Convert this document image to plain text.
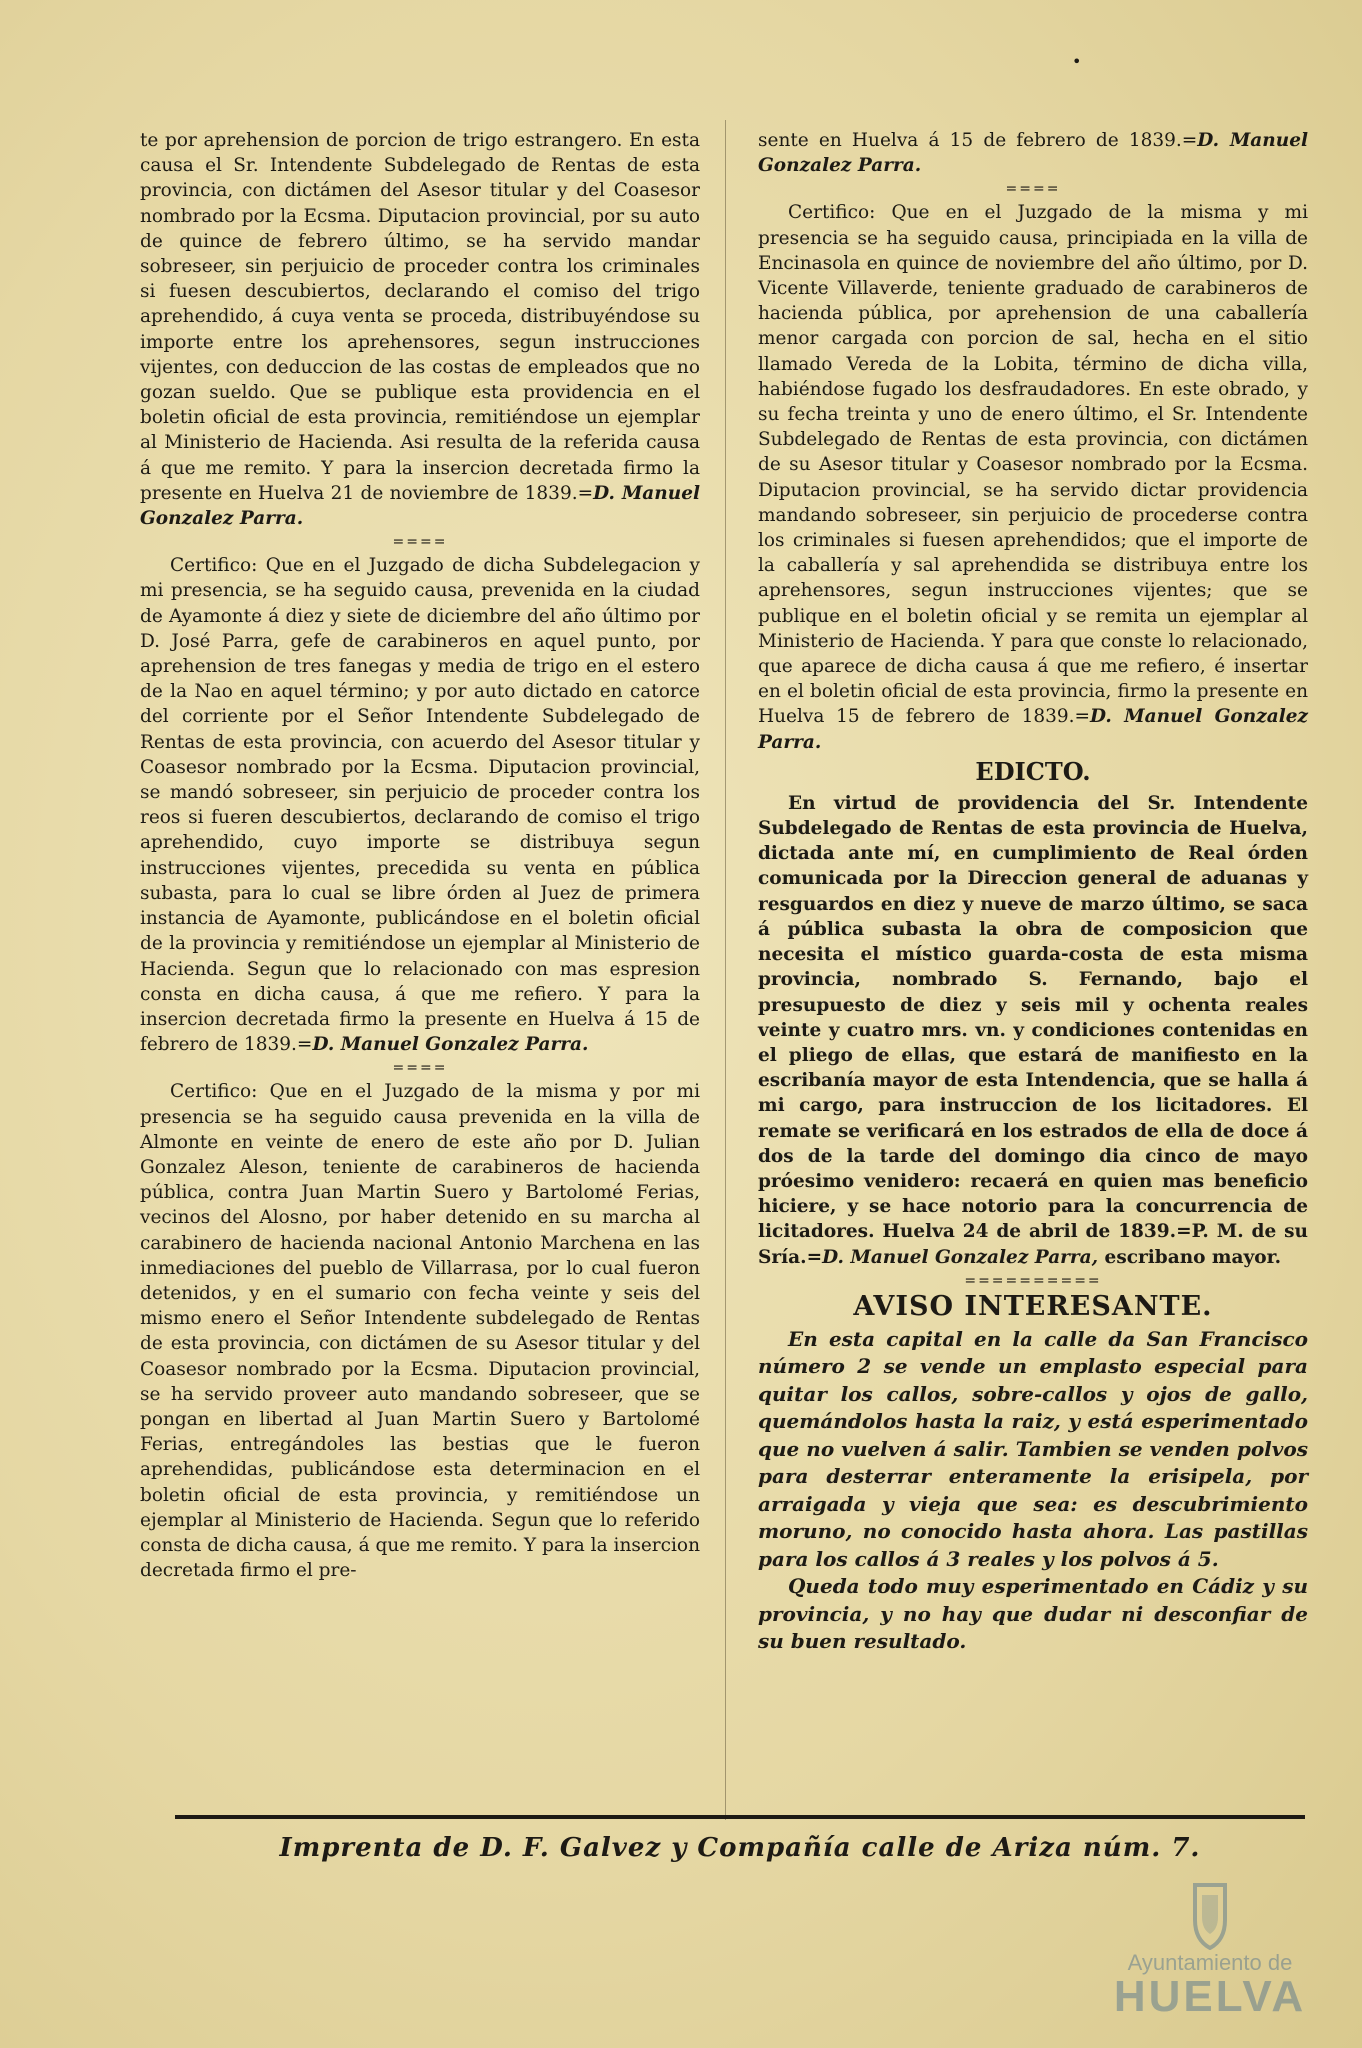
•

te por aprehension de porcion de trigo estrangero. En esta causa el Sr. Intendente Subdelegado de Rentas de esta provincia, con dictámen del Asesor titular y del Coasesor nombrado por la Ecsma. Diputacion provincial, por su auto de quince de febrero último, se ha servido mandar sobreseer, sin perjuicio de proceder contra los criminales si fuesen descubiertos, declarando el comiso del trigo aprehendido, á cuya venta se proceda, distribuyéndose su importe entre los aprehensores, segun instrucciones vijentes, con deduccion de las costas de empleados que no gozan sueldo. Que se publique esta providencia en el boletin oficial de esta provincia, remitiéndose un ejemplar al Ministerio de Hacienda. Asi resulta de la referida causa á que me remito. Y para la insercion decretada firmo la presente en Huelva 21 de noviembre de 1839.=D. Manuel Gonzalez Parra.

====

Certifico: Que en el Juzgado de dicha Subdelegacion y mi presencia, se ha seguido causa, prevenida en la ciudad de Ayamonte á diez y siete de diciembre del año último por D. José Parra, gefe de carabineros en aquel punto, por aprehension de tres fanegas y media de trigo en el estero de la Nao en aquel término; y por auto dictado en catorce del corriente por el Señor Intendente Subdelegado de Rentas de esta provincia, con acuerdo del Asesor titular y Coasesor nombrado por la Ecsma. Diputacion provincial, se mandó sobreseer, sin perjuicio de proceder contra los reos si fueren descubiertos, declarando de comiso el trigo aprehendido, cuyo importe se distribuya segun instrucciones vijentes, precedida su venta en pública subasta, para lo cual se libre órden al Juez de primera instancia de Ayamonte, publicándose en el boletin oficial de la provincia y remitiéndose un ejemplar al Ministerio de Hacienda. Segun que lo relacionado con mas espresion consta en dicha causa, á que me refiero. Y para la insercion decretada firmo la presente en Huelva á 15 de febrero de 1839.=D. Manuel Gonzalez Parra.

====

Certifico: Que en el Juzgado de la misma y por mi presencia se ha seguido causa prevenida en la villa de Almonte en veinte de enero de este año por D. Julian Gonzalez Aleson, teniente de carabineros de hacienda pública, contra Juan Martin Suero y Bartolomé Ferias, vecinos del Alosno, por haber detenido en su marcha al carabinero de hacienda nacional Antonio Marchena en las inmediaciones del pueblo de Villarrasa, por lo cual fueron detenidos, y en el sumario con fecha veinte y seis del mismo enero el Señor Intendente subdelegado de Rentas de esta provincia, con dictámen de su Asesor titular y del Coasesor nombrado por la Ecsma. Diputacion provincial, se ha servido proveer auto mandando sobreseer, que se pongan en libertad al Juan Martin Suero y Bartolomé Ferias, entregándoles las bestias que le fueron aprehendidas, publicándose esta determinacion en el boletin oficial de esta provincia, y remitiéndose un ejemplar al Ministerio de Hacienda. Segun que lo referido consta de dicha causa, á que me remito. Y para la insercion decretada firmo el pre-

sente en Huelva á 15 de febrero de 1839.=D. Manuel Gonzalez Parra.

====

Certifico: Que en el Juzgado de la misma y mi presencia se ha seguido causa, principiada en la villa de Encinasola en quince de noviembre del año último, por D. Vicente Villaverde, teniente graduado de carabineros de hacienda pública, por aprehension de una caballería menor cargada con porcion de sal, hecha en el sitio llamado Vereda de la Lobita, término de dicha villa, habiéndose fugado los desfraudadores. En este obrado, y su fecha treinta y uno de enero último, el Sr. Intendente Subdelegado de Rentas de esta provincia, con dictámen de su Asesor titular y Coasesor nombrado por la Ecsma. Diputacion provincial, se ha servido dictar providencia mandando sobreseer, sin perjuicio de procederse contra los criminales si fuesen aprehendidos; que el importe de la caballería y sal aprehendida se distribuya entre los aprehensores, segun instrucciones vijentes; que se publique en el boletin oficial y se remita un ejemplar al Ministerio de Hacienda. Y para que conste lo relacionado, que aparece de dicha causa á que me refiero, é insertar en el boletin oficial de esta provincia, firmo la presente en Huelva 15 de febrero de 1839.=D. Manuel Gonzalez Parra.

EDICTO.

En virtud de providencia del Sr. Intendente Subdelegado de Rentas de esta provincia de Huelva, dictada ante mí, en cumplimiento de Real órden comunicada por la Direccion general de aduanas y resguardos en diez y nueve de marzo último, se saca á pública subasta la obra de composicion que necesita el místico guarda-costa de esta misma provincia, nombrado S. Fernando, bajo el presupuesto de diez y seis mil y ochenta reales veinte y cuatro mrs. vn. y condiciones contenidas en el pliego de ellas, que estará de manifiesto en la escribanía mayor de esta Intendencia, que se halla á mi cargo, para instruccion de los licitadores. El remate se verificará en los estrados de ella de doce á dos de la tarde del domingo dia cinco de mayo próesimo venidero: recaerá en quien mas beneficio hiciere, y se hace notorio para la concurrencia de licitadores. Huelva 24 de abril de 1839.=P. M. de su Sría.=D. Manuel Gonzalez Parra, escribano mayor.

==========
AVISO INTERESANTE.

En esta capital en la calle da San Francisco número 2 se vende un emplasto especial para quitar los callos, sobre-callos y ojos de gallo, quemándolos hasta la raiz, y está esperimentado que no vuelven á salir. Tambien se venden polvos para desterrar enteramente la erisipela, por arraigada y vieja que sea: es descubrimiento moruno, no conocido hasta ahora. Las pastillas para los callos á 3 reales y los polvos á 5.

Queda todo muy esperimentado en Cádiz y su provincia, y no hay que dudar ni desconfiar de su buen resultado.

Imprenta de D. F. Galvez y Compañía calle de Ariza núm. 7.
Ayuntamiento de
HUELVA
